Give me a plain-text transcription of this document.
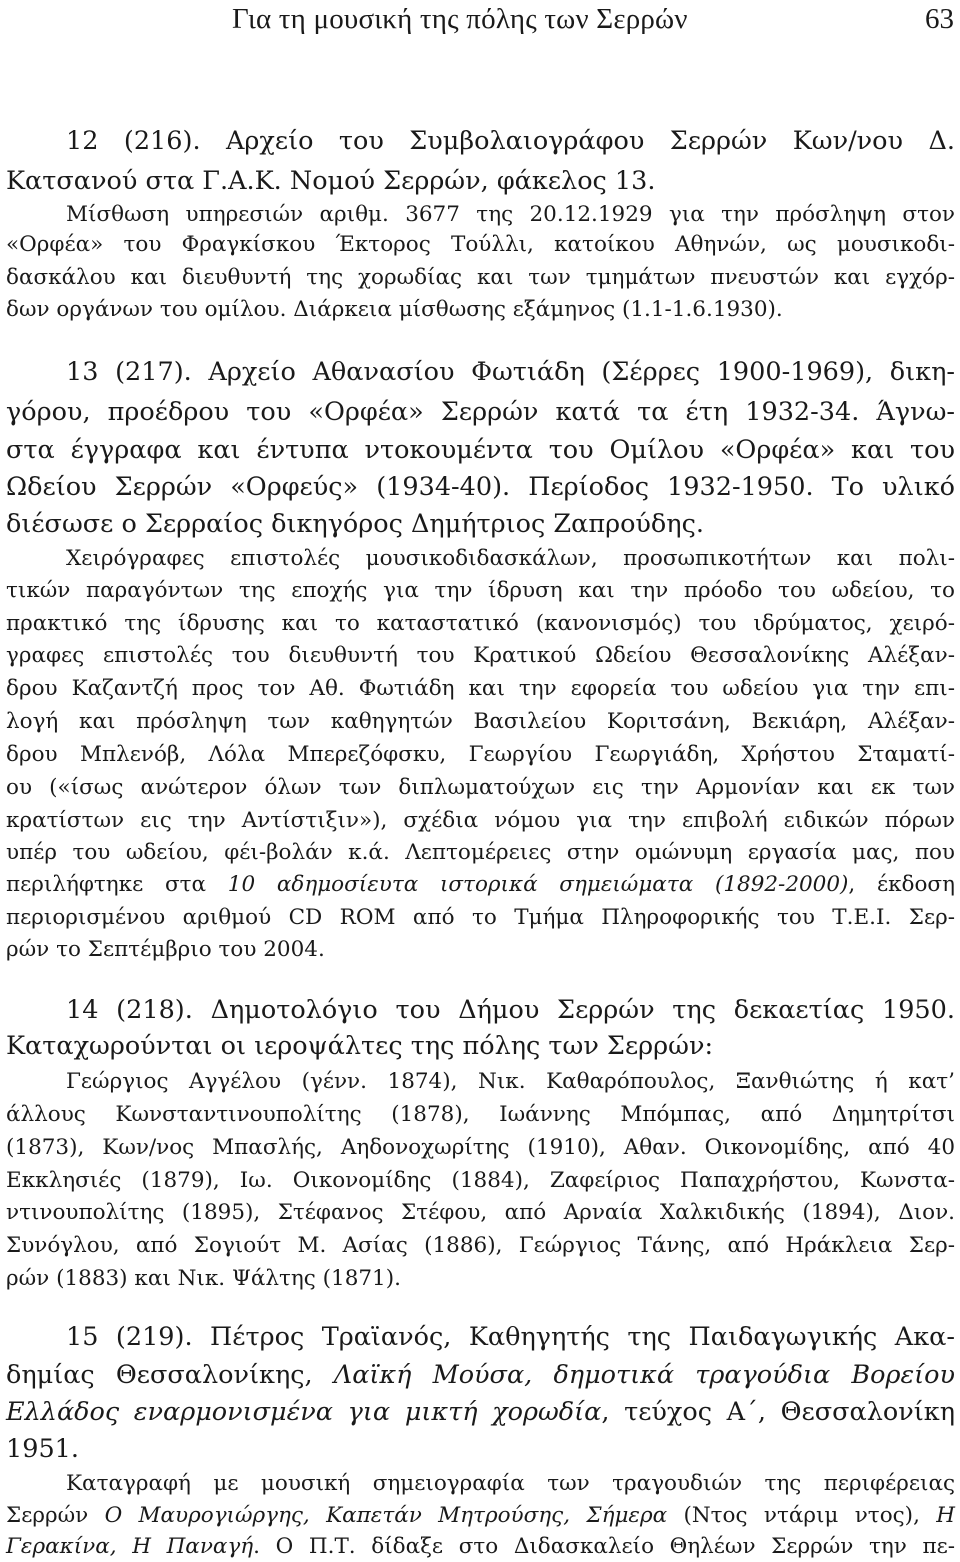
Για τη μουσική της πόλης των Σερρών	63
12 (216). Αρχείο του Συμβολαιογράφου Σερρών Κων/νου Δ.
Κατσανού στα Γ.Α.Κ. Νομού Σερρών, φάκελος 13.
Μίσθωση υπηρεσιών αριθμ. 3677 της 20.12.1929 για την πρόσληψη στον
«Ορφέα» του Φραγκίσκου Έκτορος Τούλλι, κατοίκου Αθηνών, ως μουσικοδι-
δασκάλου και διευθυντή της χορωδίας και των τμημάτων πνευστών και εγχόρ-
δων οργάνων του ομίλου. Διάρκεια μίσθωσης εξάμηνος (1.1-1.6.1930).
13 (217). Αρχείο Αθανασίου Φωτιάδη (Σέρρες 1900-1969), δικη-
γόρου, προέδρου του «Ορφέα» Σερρών κατά τα έτη 1932-34. Άγνω-
στα έγγραφα και έντυπα ντοκουμέντα του Ομίλου «Ορφέα» και του
Ωδείου Σερρών «Ορφεύς» (1934-40). Περίοδος 1932-1950. Το υλικό
διέσωσε ο Σερραίος δικηγόρος Δημήτριος Ζαπρούδης.
Χειρόγραφες επιστολές μουσικοδιδασκάλων, προσωπικοτήτων και πολι-
τικών παραγόντων της εποχής για την ίδρυση και την πρόοδο του ωδείου, το
πρακτικό της ίδρυσης και το καταστατικό (κανονισμός) του ιδρύματος, χειρό-
γραφες επιστολές του διευθυντή του Κρατικού Ωδείου Θεσσαλονίκης Αλέξαν-
δρου Καζαντζή προς τον Αθ. Φωτιάδη και την εφορεία του ωδείου για την επι-
λογή και πρόσληψη των καθηγητών Βασιλείου Κοριτσάνη, Βεκιάρη, Αλέξαν-
δρου Μπλενόβ, Λόλα Μπερεζόφσκυ, Γεωργίου Γεωργιάδη, Χρήστου Σταματί-
ου («ίσως ανώτερον όλων των διπλωματούχων εις την Αρμονίαν και εκ των
κρατίστων εις την Αντίστιξιν»), σχέδια νόμου για την επιβολή ειδικών πόρων
υπέρ του ωδείου, φέι-βολάν κ.ά. Λεπτομέρειες στην ομώνυμη εργασία μας, που
περιλήφτηκε στα 10 αδημοσίευτα ιστορικά σημειώματα (1892-2000), έκδοση
περιορισμένου αριθμού CD ROM από το Τμήμα Πληροφορικής του Τ.Ε.Ι. Σερ-
ρών το Σεπτέμβριο του 2004.
14 (218). Δημοτολόγιο του Δήμου Σερρών της δεκαετίας 1950.
Καταχωρούνται οι ιεροψάλτες της πόλης των Σερρών:
Γεώργιος Αγγέλου (γένν. 1874), Νικ. Καθαρόπουλος, Ξανθιώτης ή κατ’
άλλους Κωνσταντινουπολίτης (1878), Ιωάννης Μπόμπας, από Δημητρίτσι
(1873), Κων/νος Μπασλής, Αηδονοχωρίτης (1910), Αθαν. Οικονομίδης, από 40
Εκκλησιές (1879), Ιω. Οικονομίδης (1884), Ζαφείριος Παπαχρήστου, Κωνστα-
ντινουπολίτης (1895), Στέφανος Στέφου, από Αρναία Χαλκιδικής (1894), Διον.
Συνόγλου, από Σογιούτ Μ. Ασίας (1886), Γεώργιος Τάνης, από Ηράκλεια Σερ-
ρών (1883) και Νικ. Ψάλτης (1871).
15 (219). Πέτρος Τραϊανός, Καθηγητής της Παιδαγωγικής Ακα-
δημίας Θεσσαλονίκης, Λαϊκή Μούσα, δημοτικά τραγούδια Βορείου
Ελλάδος εναρμονισμένα για μικτή χορωδία, τεύχος Α΄, Θεσσαλονίκη
1951.
Καταγραφή με μουσική σημειογραφία των τραγουδιών της περιφέρειας
Σερρών Ο Μαυρογιώργης, Καπετάν Μητρούσης, Σήμερα (Ντος ντάριμ ντος), Η
Γερακίνα, Η Παναγή. Ο Π.Τ. δίδαξε στο Διδασκαλείο Θηλέων Σερρών την πε-
